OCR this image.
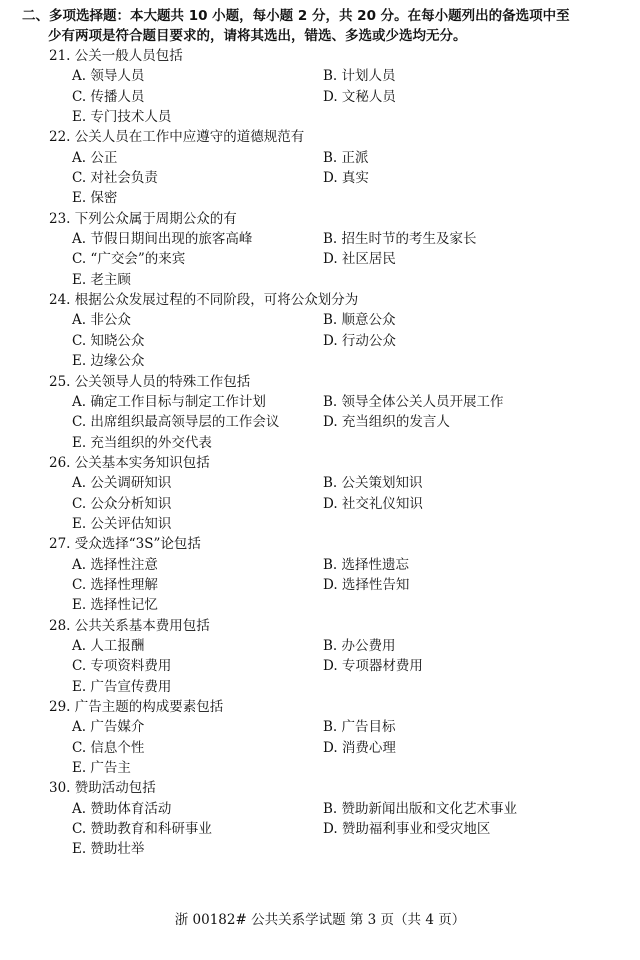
二、多项选择题：本大题共 10 小题，每小题 2 分，共 20 分。在每小题列出的备选项中至
少有两项是符合题目要求的，请将其选出，错选、多选或少选均无分。
21. 公关一般人员包括
A. 领导人员	B. 计划人员
C. 传播人员	D. 文秘人员
E. 专门技术人员
22. 公关人员在工作中应遵守的道德规范有
A. 公正	B. 正派
C. 对社会负责	D. 真实
E. 保密
23. 下列公众属于周期公众的有
A. 节假日期间出现的旅客高峰	B. 招生时节的考生及家长
C. “广交会”的来宾	D. 社区居民
E. 老主顾
24. 根据公众发展过程的不同阶段，可将公众划分为
A. 非公众	B. 顺意公众
C. 知晓公众	D. 行动公众
E. 边缘公众
25. 公关领导人员的特殊工作包括
A. 确定工作目标与制定工作计划	B. 领导全体公关人员开展工作
C. 出席组织最高领导层的工作会议	D. 充当组织的发言人
E. 充当组织的外交代表
26. 公关基本实务知识包括
A. 公关调研知识	B. 公关策划知识
C. 公众分析知识	D. 社交礼仪知识
E. 公关评估知识
27. 受众选择“3S”论包括
A. 选择性注意	B. 选择性遗忘
C. 选择性理解	D. 选择性告知
E. 选择性记忆
28. 公共关系基本费用包括
A. 人工报酬	B. 办公费用
C. 专项资料费用	D. 专项器材费用
E. 广告宣传费用
29. 广告主题的构成要素包括
A. 广告媒介	B. 广告目标
C. 信息个性	D. 消费心理
E. 广告主
30. 赞助活动包括
A. 赞助体育活动	B. 赞助新闻出版和文化艺术事业
C. 赞助教育和科研事业	D. 赞助福利事业和受灾地区
E. 赞助壮举
浙 00182# 公共关系学试题 第 3 页（共 4 页）
